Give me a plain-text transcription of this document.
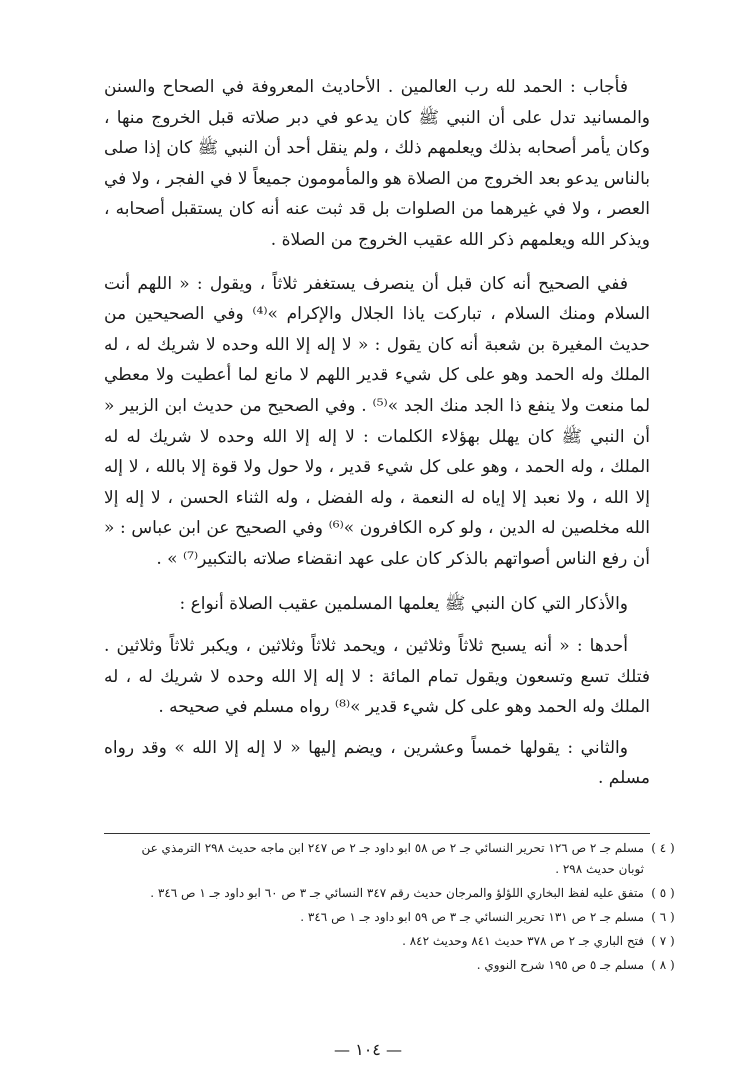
فأجاب : الحمد لله رب العالمين . الأحاديث المعروفة في الصحاح والسنن والمسانيد تدل على أن النبي ﷺ كان يدعو في دبر صلاته قبل الخروج منها ، وكان يأمر أصحابه بذلك ويعلمهم ذلك ، ولم ينقل أحد أن النبي ﷺ كان إذا صلى بالناس يدعو بعد الخروج من الصلاة هو والمأمومون جميعاً لا في الفجر ، ولا في العصر ، ولا في غيرهما من الصلوات بل قد ثبت عنه أنه كان يستقبل أصحابه ، ويذكر الله ويعلمهم ذكر الله عقيب الخروج من الصلاة .

ففي الصحيح أنه كان قبل أن ينصرف يستغفر ثلاثاً ، ويقول : « اللهم أنت السلام ومنك السلام ، تباركت ياذا الجلال والإكرام »⁽⁴⁾ وفي الصحيحين من حديث المغيرة بن شعبة أنه كان يقول : « لا إله إلا الله وحده لا شريك له ، له الملك وله الحمد وهو على كل شيء قدير اللهم لا مانع لما أعطيت ولا معطي لما منعت ولا ينفع ذا الجد منك الجد »⁽⁵⁾ . وفي الصحيح من حديث ابن الزبير « أن النبي ﷺ كان يهلل بهؤلاء الكلمات : لا إله إلا الله وحده لا شريك له له الملك ، وله الحمد ، وهو على كل شيء قدير ، ولا حول ولا قوة إلا بالله ، لا إله إلا الله ، ولا نعبد إلا إياه له النعمة ، وله الفضل ، وله الثناء الحسن ، لا إله إلا الله مخلصين له الدين ، ولو كره الكافرون »⁽⁶⁾ وفي الصحيح عن ابن عباس : « أن رفع الناس أصواتهم بالذكر كان على عهد انقضاء صلاته بالتكبير⁽⁷⁾ » .

والأذكار التي كان النبي ﷺ يعلمها المسلمين عقيب الصلاة أنواع :

أحدها : « أنه يسبح ثلاثاً وثلاثين ، ويحمد ثلاثاً وثلاثين ، ويكبر ثلاثاً وثلاثين . فتلك تسع وتسعون ويقول تمام المائة : لا إله إلا الله وحده لا شريك له ، له الملك وله الحمد وهو على كل شيء قدير »⁽⁸⁾ رواه مسلم في صحيحه .

والثاني : يقولها خمساً وعشرين ، ويضم إليها « لا إله إلا الله » وقد رواه مسلم .

( ٤ )
مسلم جـ ٢ ص ١٢٦ تحرير النسائي جـ ٢ ص ٥٨ ابو داود جـ ٢ ص ٢٤٧ ابن ماجه حديث ٢٩٨ الترمذي عن ثوبان حديث ٢٩٨ .
( ٥ )
متفق عليه لفظ البخاري اللؤلؤ والمرجان حديث رقم ٣٤٧ النسائي جـ ٣ ص ٦٠ ابو داود جـ ١ ص ٣٤٦ .
( ٦ )
مسلم جـ ٢ ص ١٣١ تحرير النسائي جـ ٣ ص ٥٩ ابو داود جـ ١ ص ٣٤٦ .
( ٧ )
فتح الباري جـ ٢ ص ٣٧٨ حديث ٨٤١ وحديث ٨٤٢ .
( ٨ )
مسلم جـ ٥ ص ١٩٥ شرح النووي .
— ١٠٤ —
